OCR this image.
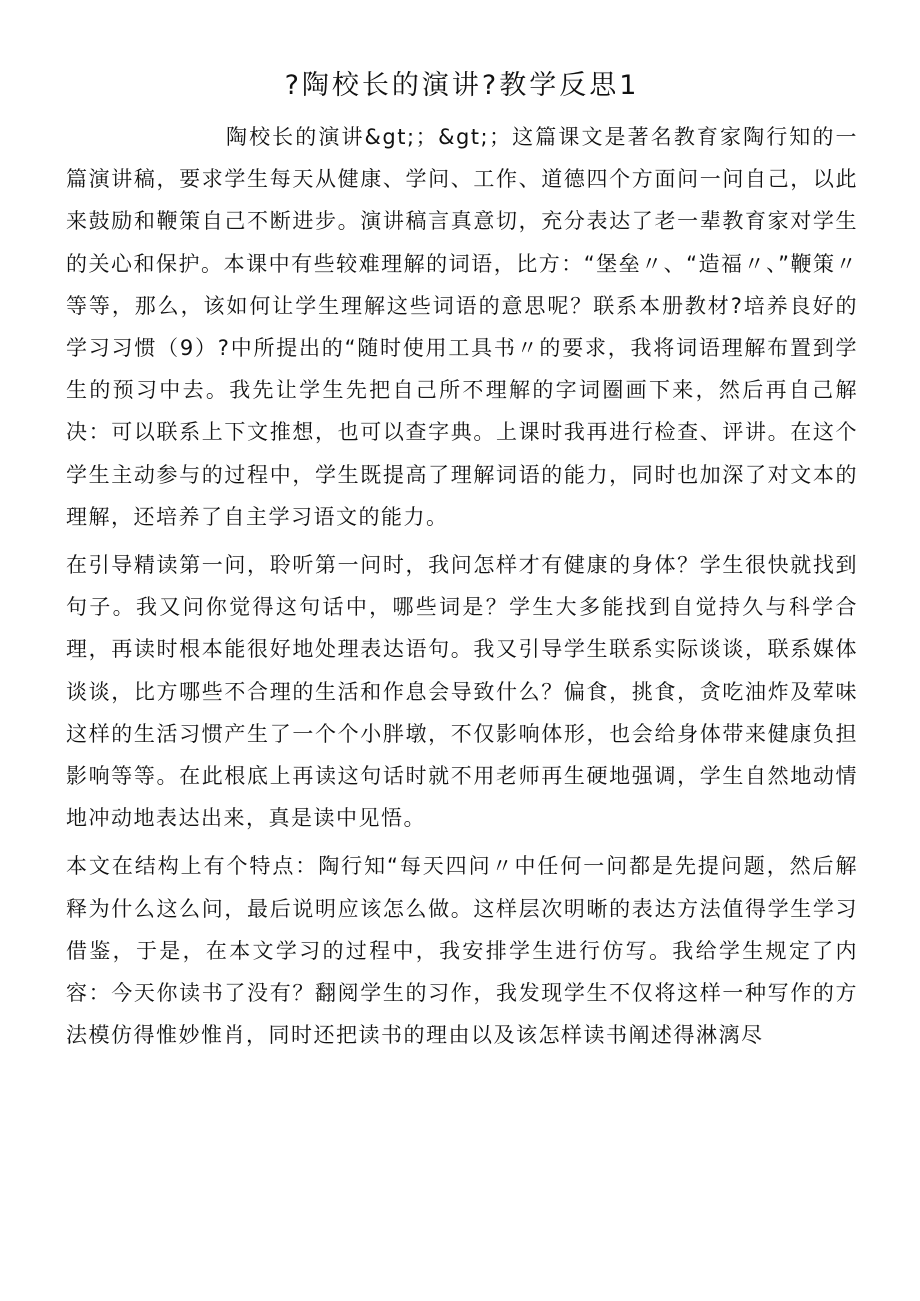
?陶校长的演讲?教学反思1

陶校长的演讲&gt;；&gt;；这篇课文是著名教育家陶行知的一篇演讲稿，要求学生每天从健康、学问、工作、道德四个方面问一问自己，以此来鼓励和鞭策自己不断进步。演讲稿言真意切，充分表达了老一辈教育家对学生的关心和保护。本课中有些较难理解的词语，比方：“堡垒〃、“造福〃、”鞭策〃等等，那么，该如何让学生理解这些词语的意思呢？联系本册教材?培养良好的学习习惯（9）?中所提出的“随时使用工具书〃的要求，我将词语理解布置到学生的预习中去。我先让学生先把自己所不理解的字词圈画下来，然后再自己解决：可以联系上下文推想，也可以查字典。上课时我再进行检查、评讲。在这个学生主动参与的过程中，学生既提高了理解词语的能力，同时也加深了对文本的理解，还培养了自主学习语文的能力。

在引导精读第一问，聆听第一问时，我问怎样才有健康的身体？学生很快就找到句子。我又问你觉得这句话中，哪些词是？学生大多能找到自觉持久与科学合理，再读时根本能很好地处理表达语句。我又引导学生联系实际谈谈，联系媒体谈谈，比方哪些不合理的生活和作息会导致什么？偏食，挑食，贪吃油炸及荤味这样的生活习惯产生了一个个小胖墩，不仅影响体形，也会给身体带来健康负担影响等等。在此根底上再读这句话时就不用老师再生硬地强调，学生自然地动情地冲动地表达出来，真是读中见悟。

本文在结构上有个特点：陶行知“每天四问〃中任何一问都是先提问题，然后解释为什么这么问，最后说明应该怎么做。这样层次明晰的表达方法值得学生学习借鉴，于是，在本文学习的过程中，我安排学生进行仿写。我给学生规定了内容：今天你读书了没有？翻阅学生的习作，我发现学生不仅将这样一种写作的方法模仿得惟妙惟肖，同时还把读书的理由以及该怎样读书阐述得淋漓尽
